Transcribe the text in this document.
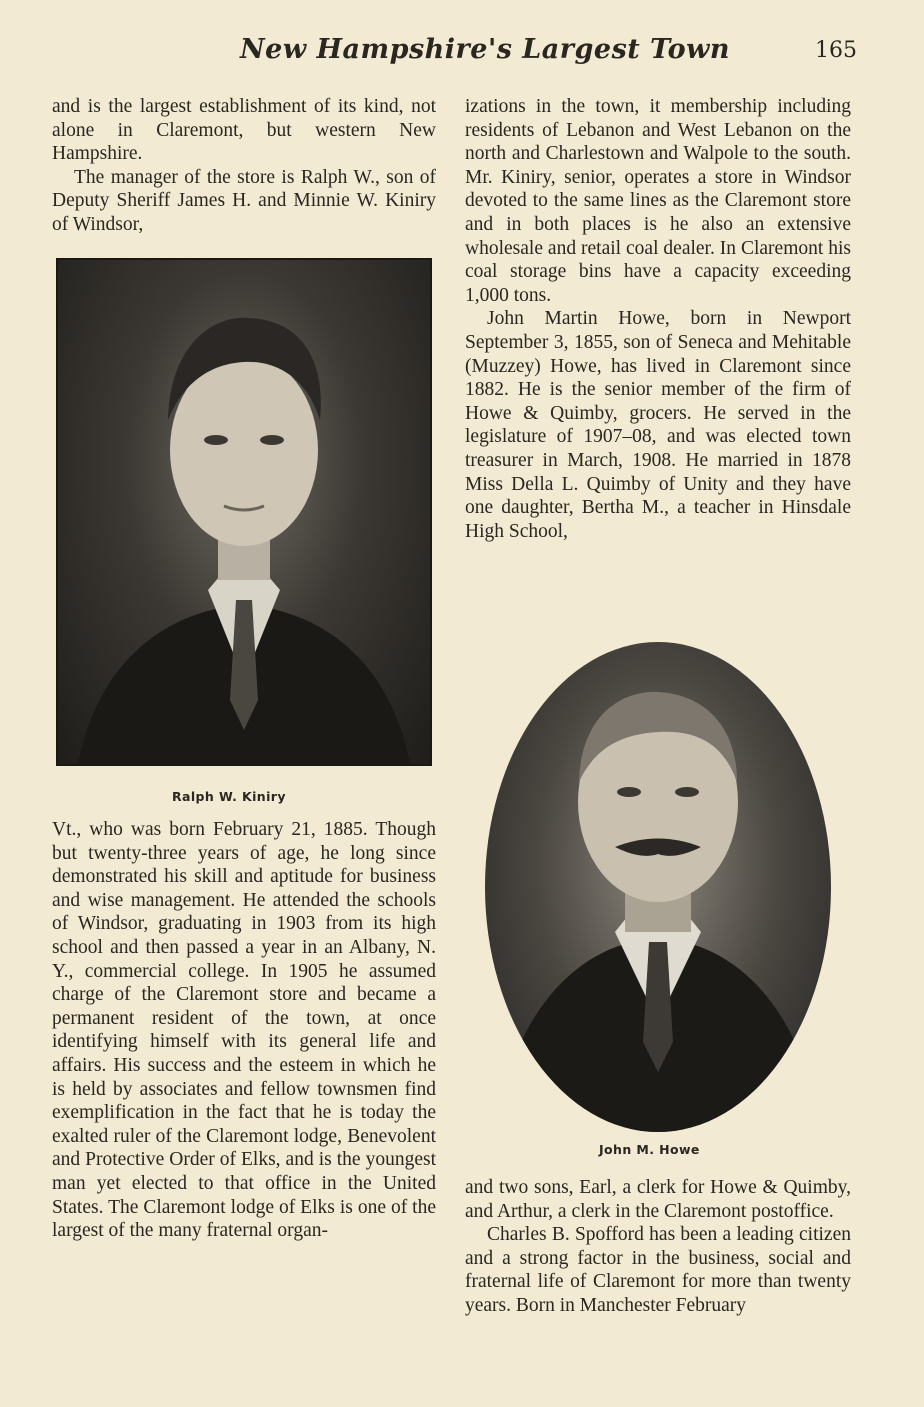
New Hampshire's Largest Town	165

and is the largest establishment of its kind, not alone in Claremont, but western New Hampshire.

The manager of the store is Ralph W., son of Deputy Sheriff James H. and Minnie W. Kiniry of Windsor,

Ralph W. Kiniry

Vt., who was born February 21, 1885. Though but twenty-three years of age, he long since demonstrated his skill and aptitude for business and wise management. He attended the schools of Windsor, graduating in 1903 from its high school and then passed a year in an Albany, N. Y., commercial college. In 1905 he assumed charge of the Claremont store and became a permanent resident of the town, at once identifying himself with its general life and affairs. His success and the esteem in which he is held by associates and fellow townsmen find exemplification in the fact that he is today the exalted ruler of the Claremont lodge, Benevolent and Protective Order of Elks, and is the youngest man yet elected to that office in the United States. The Claremont lodge of Elks is one of the largest of the many fraternal organ-

izations in the town, it membership including residents of Lebanon and West Lebanon on the north and Charlestown and Walpole to the south. Mr. Kiniry, senior, operates a store in Windsor devoted to the same lines as the Claremont store and in both places is he also an extensive wholesale and retail coal dealer. In Claremont his coal storage bins have a capacity exceeding 1,000 tons.

John Martin Howe, born in Newport September 3, 1855, son of Seneca and Mehitable (Muzzey) Howe, has lived in Claremont since 1882. He is the senior member of the firm of Howe & Quimby, grocers. He served in the legislature of 1907–08, and was elected town treasurer in March, 1908. He married in 1878 Miss Della L. Quimby of Unity and they have one daughter, Bertha M., a teacher in Hinsdale High School,

John M. Howe

and two sons, Earl, a clerk for Howe & Quimby, and Arthur, a clerk in the Claremont postoffice.

Charles B. Spofford has been a leading citizen and a strong factor in the business, social and fraternal life of Claremont for more than twenty years. Born in Manchester February
